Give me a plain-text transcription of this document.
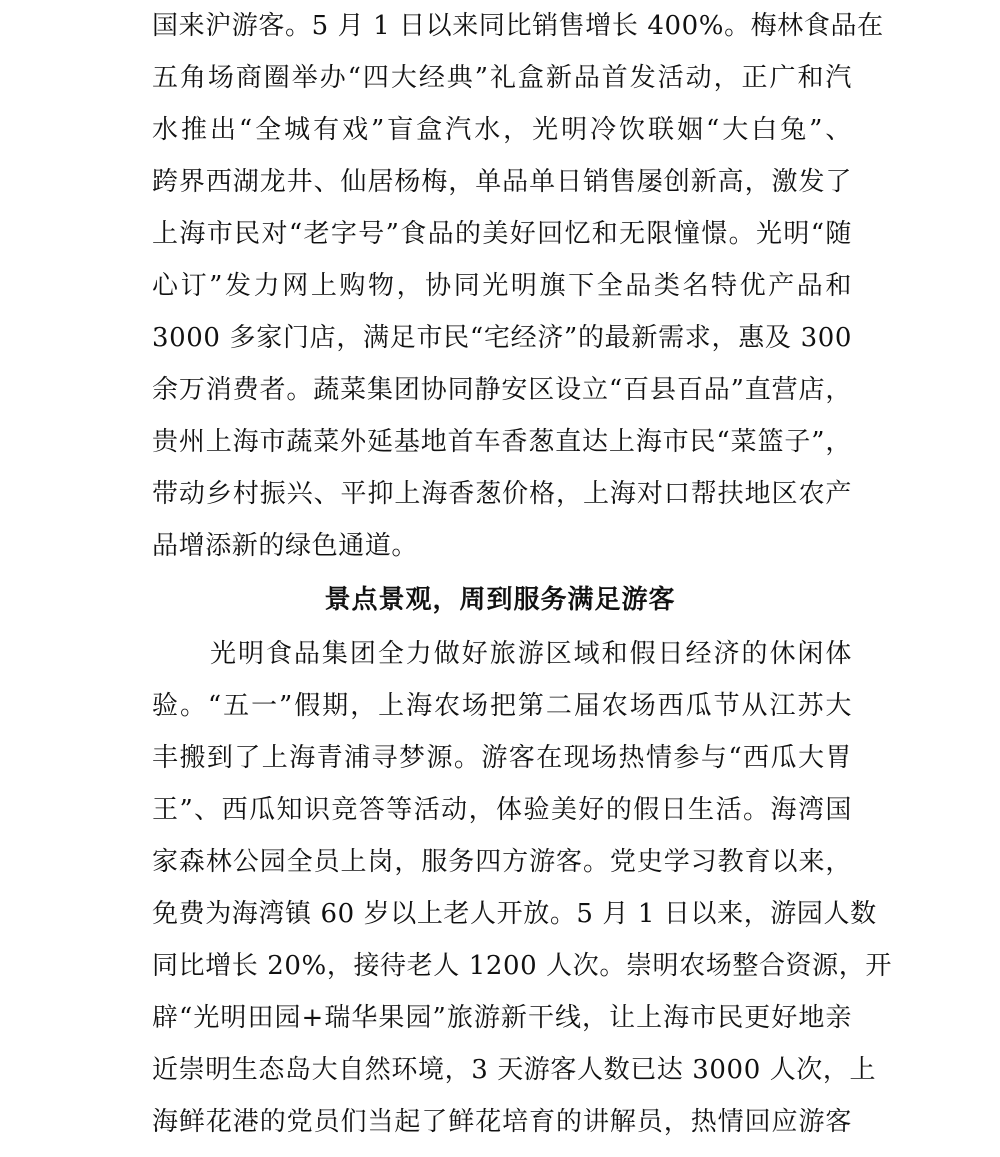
国来沪游客。5 月 1 日以来同比销售增长 400%。梅林食品在
五角场商圈举办“四大经典”礼盒新品首发活动，正广和汽
水推出“全城有戏”盲盒汽水，光明冷饮联姻“大白兔”、
跨界西湖龙井、仙居杨梅，单品单日销售屡创新高，激发了
上海市民对“老字号”食品的美好回忆和无限憧憬。光明“随
心订”发力网上购物，协同光明旗下全品类名特优产品和
3000 多家门店，满足市民“宅经济”的最新需求，惠及 300
余万消费者。蔬菜集团协同静安区设立“百县百品”直营店，
贵州上海市蔬菜外延基地首车香葱直达上海市民“菜篮子”，
带动乡村振兴、平抑上海香葱价格，上海对口帮扶地区农产
品增添新的绿色通道。
景点景观，周到服务满足游客
光明食品集团全力做好旅游区域和假日经济的休闲体
验。“五一”假期，上海农场把第二届农场西瓜节从江苏大
丰搬到了上海青浦寻梦源。游客在现场热情参与“西瓜大胃
王”、西瓜知识竞答等活动，体验美好的假日生活。海湾国
家森林公园全员上岗，服务四方游客。党史学习教育以来，
免费为海湾镇 60 岁以上老人开放。5 月 1 日以来，游园人数
同比增长 20%，接待老人 1200 人次。崇明农场整合资源，开
辟“光明田园+瑞华果园”旅游新干线，让上海市民更好地亲
近崇明生态岛大自然环境，3 天游客人数已达 3000 人次，上
海鲜花港的党员们当起了鲜花培育的讲解员，热情回应游客
